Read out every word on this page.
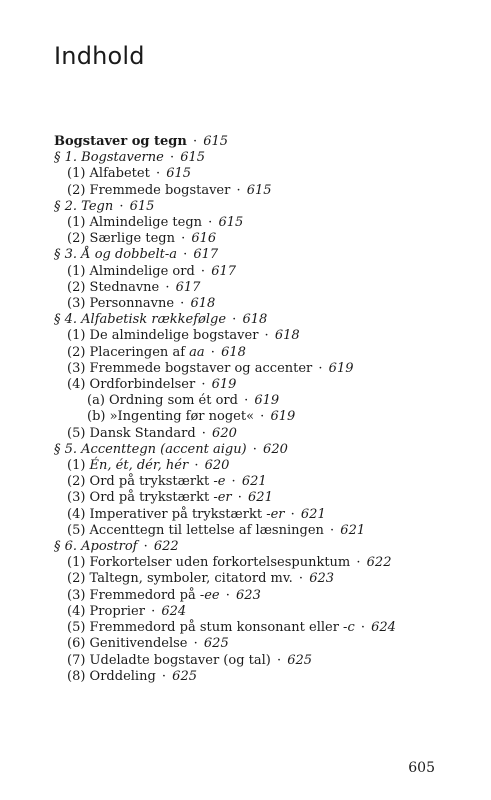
Indhold
Bogstaver og tegn · 615
§ 1. Bogstaverne · 615
(1) Alfabetet · 615
(2) Fremmede bogstaver · 615
§ 2. Tegn · 615
(1) Almindelige tegn · 615
(2) Særlige tegn · 616
§ 3. Å og dobbelt-a · 617
(1) Almindelige ord · 617
(2) Stednavne · 617
(3) Personnavne · 618
§ 4. Alfabetisk rækkefølge · 618
(1) De almindelige bogstaver · 618
(2) Placeringen af aa · 618
(3) Fremmede bogstaver og accenter · 619
(4) Ordforbindelser · 619
(a) Ordning som ét ord · 619
(b) »Ingenting før noget« · 619
(5) Dansk Standard · 620
§ 5. Accenttegn (accent aigu) · 620
(1) Én, ét, dér, hér · 620
(2) Ord på trykstærkt -e · 621
(3) Ord på trykstærkt -er · 621
(4) Imperativer på trykstærkt -er · 621
(5) Accenttegn til lettelse af læsningen · 621
§ 6. Apostrof · 622
(1) Forkortelser uden forkortelsespunktum · 622
(2) Taltegn, symboler, citatord mv. · 623
(3) Fremmedord på -ee · 623
(4) Proprier · 624
(5) Fremmedord på stum konsonant eller -c · 624
(6) Genitivendelse · 625
(7) Udeladte bogstaver (og tal) · 625
(8) Orddeling · 625
605
